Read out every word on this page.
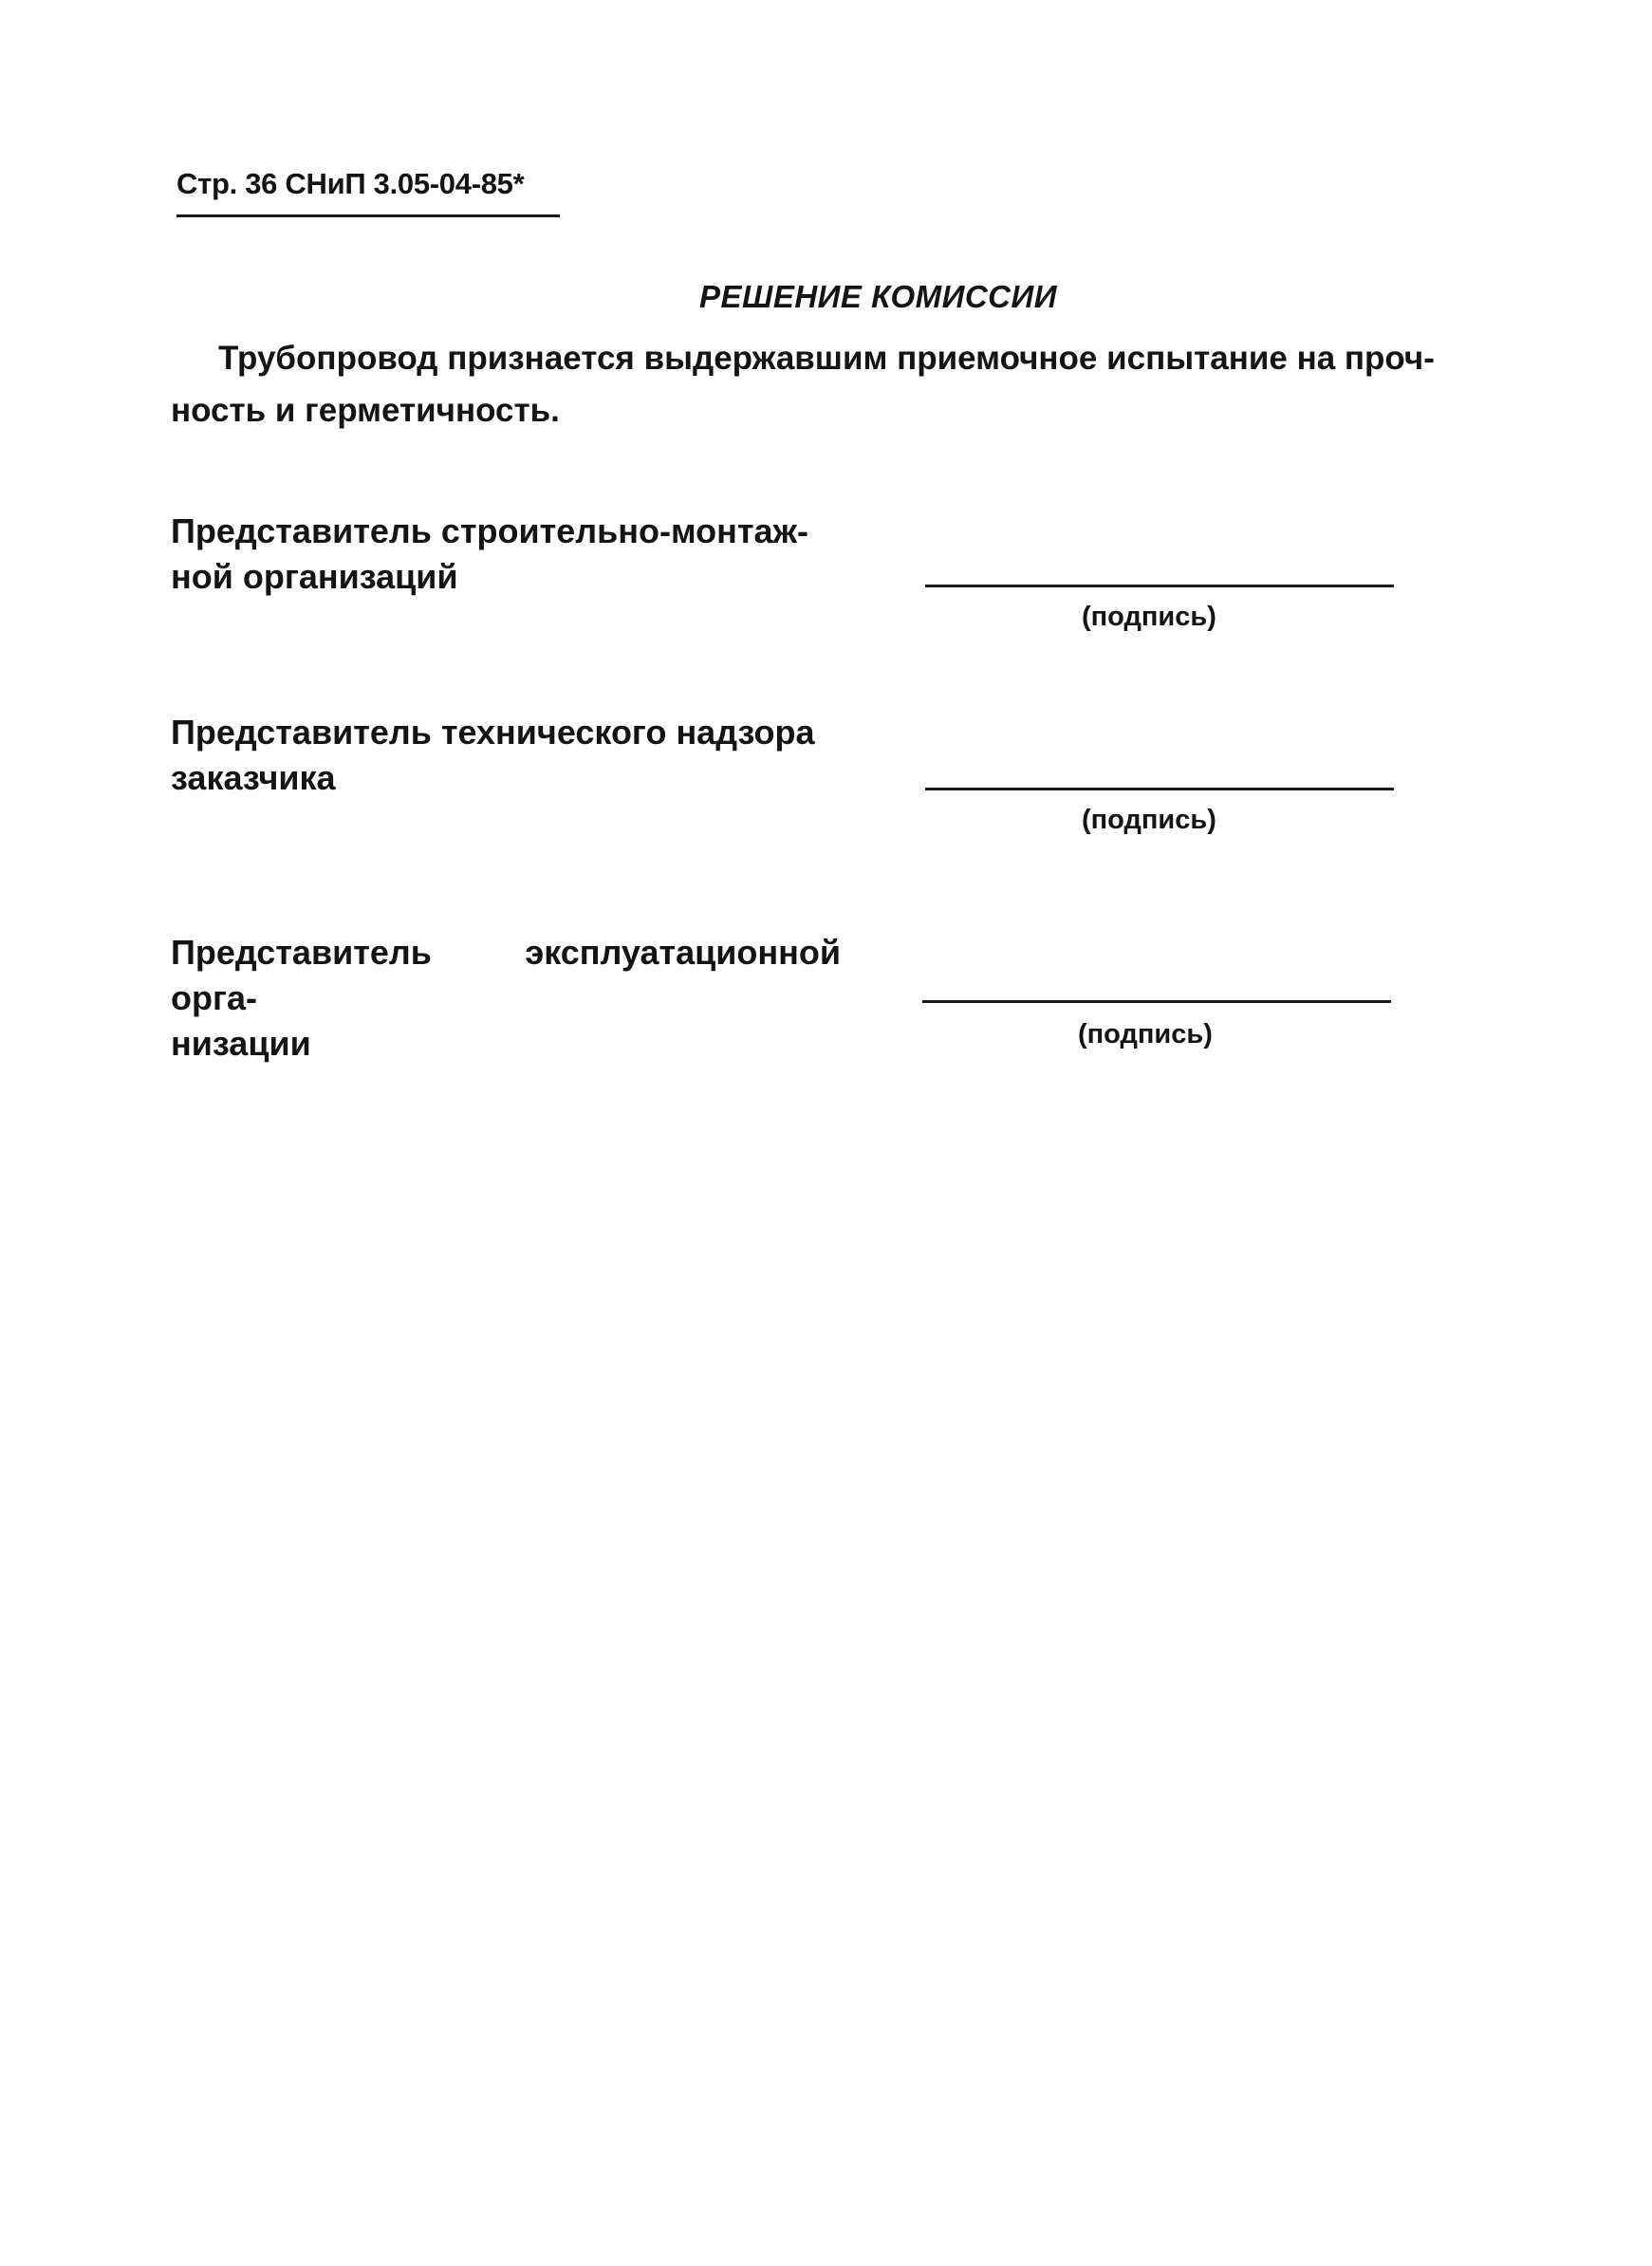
Стр. 36 СНиП 3.05-04-85*
РЕШЕНИЕ КОМИССИИ
Трубопровод признается выдержавшим приемочное испытание на проч-
ность и герметичность.
Представитель строительно-монтаж-
ной организаций
(подпись)
Представитель технического надзора
заказчика
(подпись)
Представитель эксплуатационной орга-
низации	(подпись)
